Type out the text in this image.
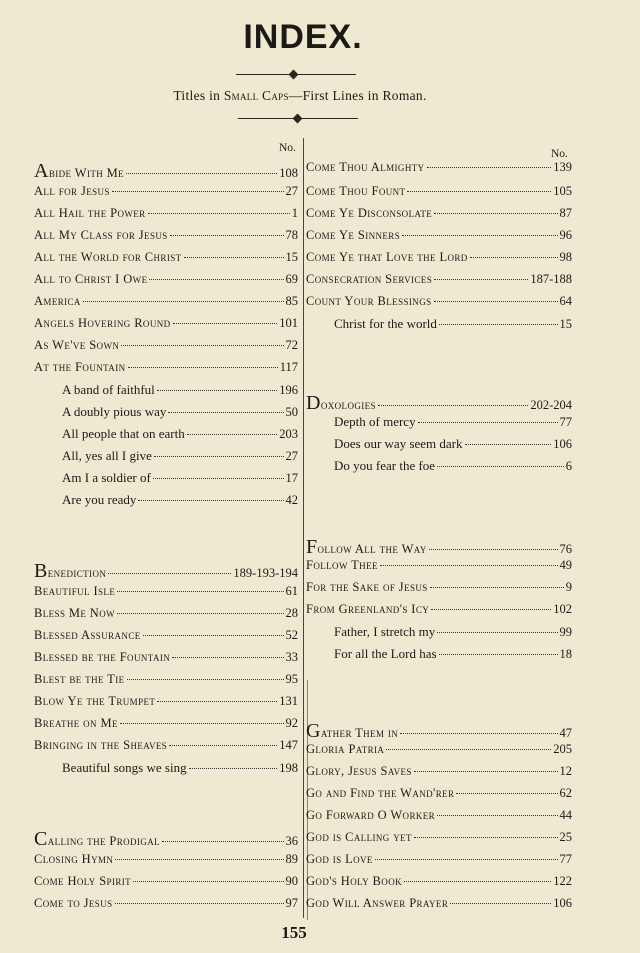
INDEX.
Titles in Small Caps—First Lines in Roman.
No.	No.
Abide With Me	108
All for Jesus	27
All Hail the Power	1
All My Class for Jesus	78
All the World for Christ	15
All to Christ I Owe	69
America	85
Angels Hovering Round	101
As We've Sown	72
At the Fountain	117
A band of faithful	196
A doubly pious way	50
All people that on earth	203
All, yes all I give	27
Am I a soldier of	17
Are you ready	42
Benediction	189-193-194
Beautiful Isle	61
Bless Me Now	28
Blessed Assurance	52
Blessed be the Fountain	33
Blest be the Tie	95
Blow Ye the Trumpet	131
Breathe on Me	92
Bringing in the Sheaves	147
Beautiful songs we sing	198
Calling the Prodigal	36
Closing Hymn	89
Come Holy Spirit	90
Come to Jesus	97
Come Thou Almighty	139
Come Thou Fount	105
Come Ye Disconsolate	87
Come Ye Sinners	96
Come Ye that Love the Lord	98
Consecration Services	187-188
Count Your Blessings	64
Christ for the world	15
Doxologies	202-204
Depth of mercy	77
Does our way seem dark	106
Do you fear the foe	6
Follow All the Way	76
Follow Thee	49
For the Sake of Jesus	9
From Greenland's Icy	102
Father, I stretch my	99
For all the Lord has	18
Gather Them in	47
Gloria Patria	205
Glory, Jesus Saves	12
Go and Find the Wand'rer	62
Go Forward O Worker	44
God is Calling yet	25
God is Love	77
God's Holy Book	122
God Will Answer Prayer	106
155
